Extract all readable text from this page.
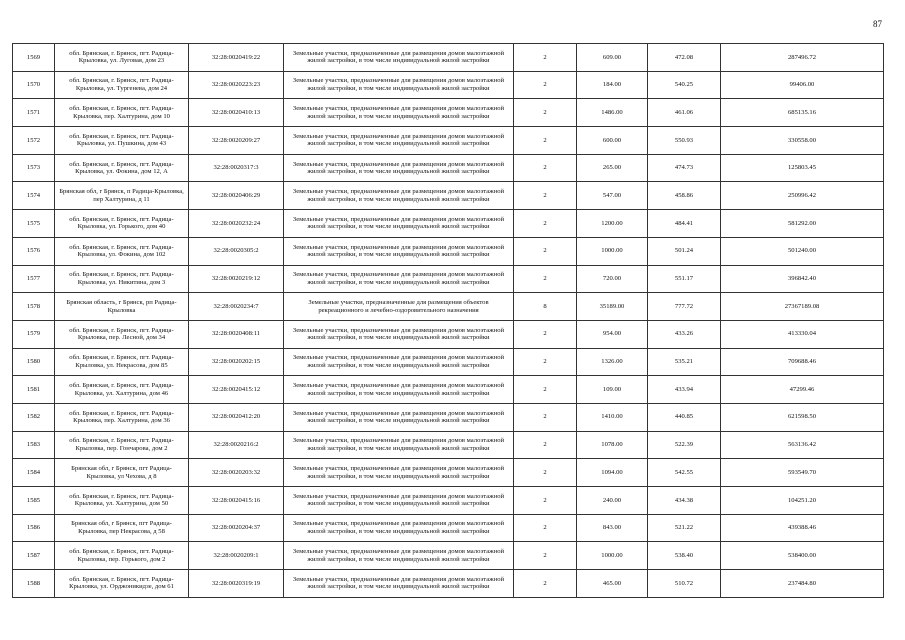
87
1569	обл. Брянская, г. Брянск, пгт. Радица-Крыловка, ул. Луговая, дом 23	32:28:0020419:22	Земельные участки, предназначенные для размещения домов малоэтажной жилой застройки, в том числе индивидуальной жилой застройки	2	609.00	472.08	287496.72
1570	обл. Брянская, г. Брянск, пгт. Радица-Крыловка, ул. Тургенева, дом 24	32:28:0020223:23	Земельные участки, предназначенные для размещения домов малоэтажной жилой застройки, в том числе индивидуальной жилой застройки	2	184.00	540.25	99406.00
1571	обл. Брянская, г. Брянск, пгт. Радица-Крыловка, пер. Халтурина, дом 10	32:28:0020410:13	Земельные участки, предназначенные для размещения домов малоэтажной жилой застройки, в том числе индивидуальной жилой застройки	2	1486.00	461.06	685135.16
1572	обл. Брянская, г. Брянск, пгт. Радица-Крыловка, ул. Пушкина, дом 43	32:28:0020209:27	Земельные участки, предназначенные для размещения домов малоэтажной жилой застройки, в том числе индивидуальной жилой застройки	2	600.00	550.93	330558.00
1573	обл. Брянская, г. Брянск, пгт. Радица-Крыловка, ул. Фокина, дом 12, А	32:28:0020317:3	Земельные участки, предназначенные для размещения домов малоэтажной жилой застройки, в том числе индивидуальной жилой застройки	2	265.00	474.73	125803.45
1574	Брянская обл, г Брянск, п Радица-Крыловка, пер Халтурина, д 11	32:28:0020406:29	Земельные участки, предназначенные для размещения домов малоэтажной жилой застройки, в том числе индивидуальной жилой застройки	2	547.00	458.86	250996.42
1575	обл. Брянская, г. Брянск, пгт. Радица-Крыловка, ул. Горького, дом 40	32:28:0020232:24	Земельные участки, предназначенные для размещения домов малоэтажной жилой застройки, в том числе индивидуальной жилой застройки	2	1200.00	484.41	581292.00
1576	обл. Брянская, г. Брянск, пгт. Радица-Крыловка, ул. Фокина, дом 102	32:28:0020305:2	Земельные участки, предназначенные для размещения домов малоэтажной жилой застройки, в том числе индивидуальной жилой застройки	2	1000.00	501.24	501240.00
1577	обл. Брянская, г. Брянск, пгт. Радица-Крыловка, ул. Никитина, дом 3	32:28:0020219:12	Земельные участки, предназначенные для размещения домов малоэтажной жилой застройки, в том числе индивидуальной жилой застройки	2	720.00	551.17	396842.40
1578	Брянская область, г Брянск, рп Радица-Крыловка	32:28:0020234:7	Земельные участки, предназначенные для размещения объектов рекреационного и лечебно-оздоровительного назначения	8	35189.00	777.72	27367189.08
1579	обл. Брянская, г. Брянск, пгт. Радица-Крыловка, пер. Лесной, дом 34	32:28:0020408:11	Земельные участки, предназначенные для размещения домов малоэтажной жилой застройки, в том числе индивидуальной жилой застройки	2	954.00	433.26	413330.04
1580	обл. Брянская, г. Брянск, пгт. Радица-Крыловка, ул. Некрасова, дом 85	32:28:0020202:15	Земельные участки, предназначенные для размещения домов малоэтажной жилой застройки, в том числе индивидуальной жилой застройки	2	1326.00	535.21	709688.46
1581	обл. Брянская, г. Брянск, пгт. Радица-Крыловка, ул. Халтурина, дом 46	32:28:0020415:12	Земельные участки, предназначенные для размещения домов малоэтажной жилой застройки, в том числе индивидуальной жилой застройки	2	109.00	433.94	47299.46
1582	обл. Брянская, г. Брянск, пгт. Радица-Крыловка, пер. Халтурина, дом 36	32:28:0020412:20	Земельные участки, предназначенные для размещения домов малоэтажной жилой застройки, в том числе индивидуальной жилой застройки	2	1410.00	440.85	621598.50
1583	обл. Брянская, г. Брянск, пгт. Радица-Крыловка, пер. Гончарова, дом 2	32:28:0020216:2	Земельные участки, предназначенные для размещения домов малоэтажной жилой застройки, в том числе индивидуальной жилой застройки	2	1078.00	522.39	563136.42
1584	Брянская обл, г Брянск, пгт Радица-Крыловка, ул Чехова, д 8	32:28:0020203:32	Земельные участки, предназначенные для размещения домов малоэтажной жилой застройки, в том числе индивидуальной жилой застройки	2	1094.00	542.55	593549.70
1585	обл. Брянская, г. Брянск, пгт. Радица-Крыловка, ул. Халтурина, дом 50	32:28:0020415:16	Земельные участки, предназначенные для размещения домов малоэтажной жилой застройки, в том числе индивидуальной жилой застройки	2	240.00	434.38	104251.20
1586	Брянская обл, г Брянск, пгт Радица-Крыловка, пер Некрасова, д 58	32:28:0020204:37	Земельные участки, предназначенные для размещения домов малоэтажной жилой застройки, в том числе индивидуальной жилой застройки	2	843.00	521.22	439388.46
1587	обл. Брянская, г. Брянск, пгт. Радица-Крыловка, пер. Горького, дом 2	32:28:0020209:1	Земельные участки, предназначенные для размещения домов малоэтажной жилой застройки, в том числе индивидуальной жилой застройки	2	1000.00	538.40	538400.00
1588	обл. Брянская, г. Брянск, пгт. Радица-Крыловка, ул. Орджоникидзе, дом 61	32:28:0020319:19	Земельные участки, предназначенные для размещения домов малоэтажной жилой застройки, в том числе индивидуальной жилой застройки	2	465.00	510.72	237484.80
